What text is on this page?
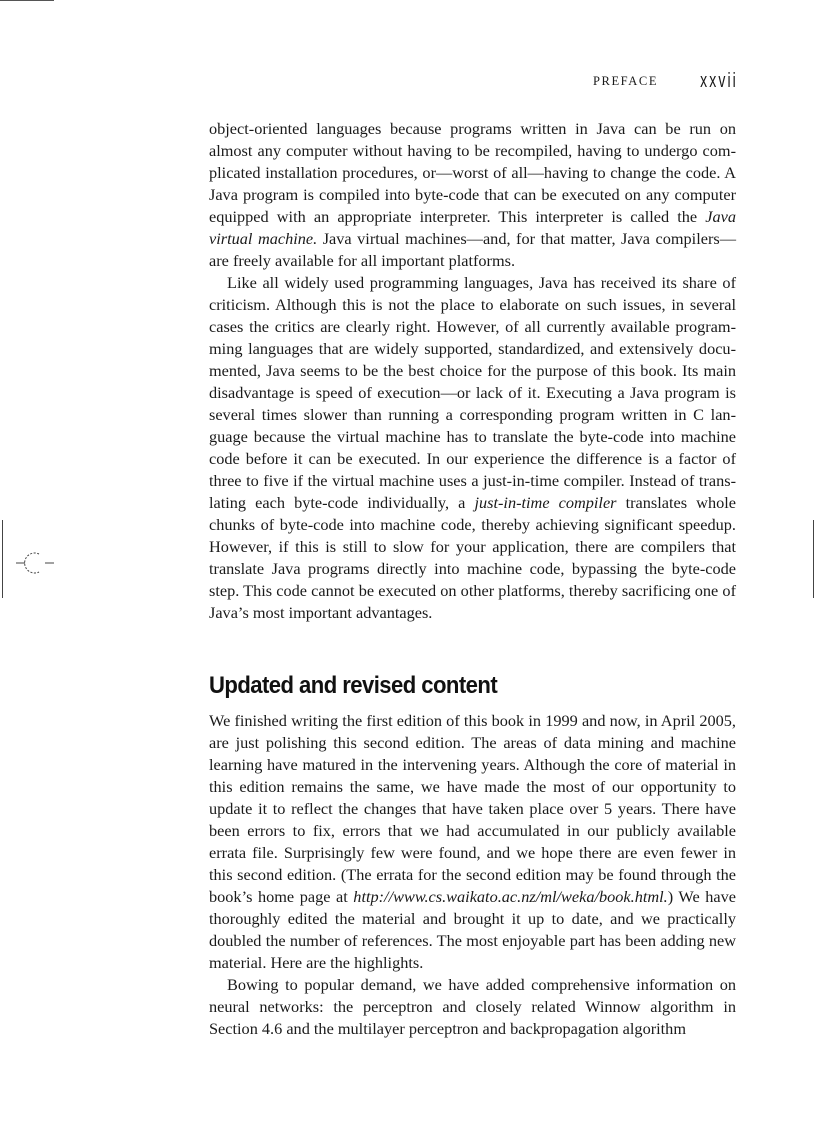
PREFACE xxvii

object-oriented languages because programs written in Java can be run on almost any computer without having to be recompiled, having to undergo complicated installation procedures, or—worst of all—having to change the code. A Java program is compiled into byte-code that can be executed on any computer equipped with an appropriate interpreter. This interpreter is called the Java virtual machine. Java virtual machines—and, for that matter, Java compilers—are freely available for all important platforms.

Like all widely used programming languages, Java has received its share of criticism. Although this is not the place to elaborate on such issues, in several cases the critics are clearly right. However, of all currently available programming languages that are widely supported, standardized, and extensively documented, Java seems to be the best choice for the purpose of this book. Its main disadvantage is speed of execution—or lack of it. Executing a Java program is several times slower than running a corresponding program written in C language because the virtual machine has to translate the byte-code into machine code before it can be executed. In our experience the difference is a factor of three to five if the virtual machine uses a just-in-time compiler. Instead of translating each byte-code individually, a just-in-time compiler translates whole chunks of byte-code into machine code, thereby achieving significant speedup. However, if this is still to slow for your application, there are compilers that translate Java programs directly into machine code, bypassing the byte-code step. This code cannot be executed on other platforms, thereby sacrificing one of Java’s most important advantages.

Updated and revised content

We finished writing the first edition of this book in 1999 and now, in April 2005, are just polishing this second edition. The areas of data mining and machine learning have matured in the intervening years. Although the core of material in this edition remains the same, we have made the most of our opportunity to update it to reflect the changes that have taken place over 5 years. There have been errors to fix, errors that we had accumulated in our publicly available errata file. Surprisingly few were found, and we hope there are even fewer in this second edition. (The errata for the second edition may be found through the book’s home page at http://www.cs.waikato.ac.nz/ml/weka/book.html.) We have thoroughly edited the material and brought it up to date, and we practically doubled the number of references. The most enjoyable part has been adding new material. Here are the highlights.

Bowing to popular demand, we have added comprehensive information on neural networks: the perceptron and closely related Winnow algorithm in Section 4.6 and the multilayer perceptron and backpropagation algorithm
